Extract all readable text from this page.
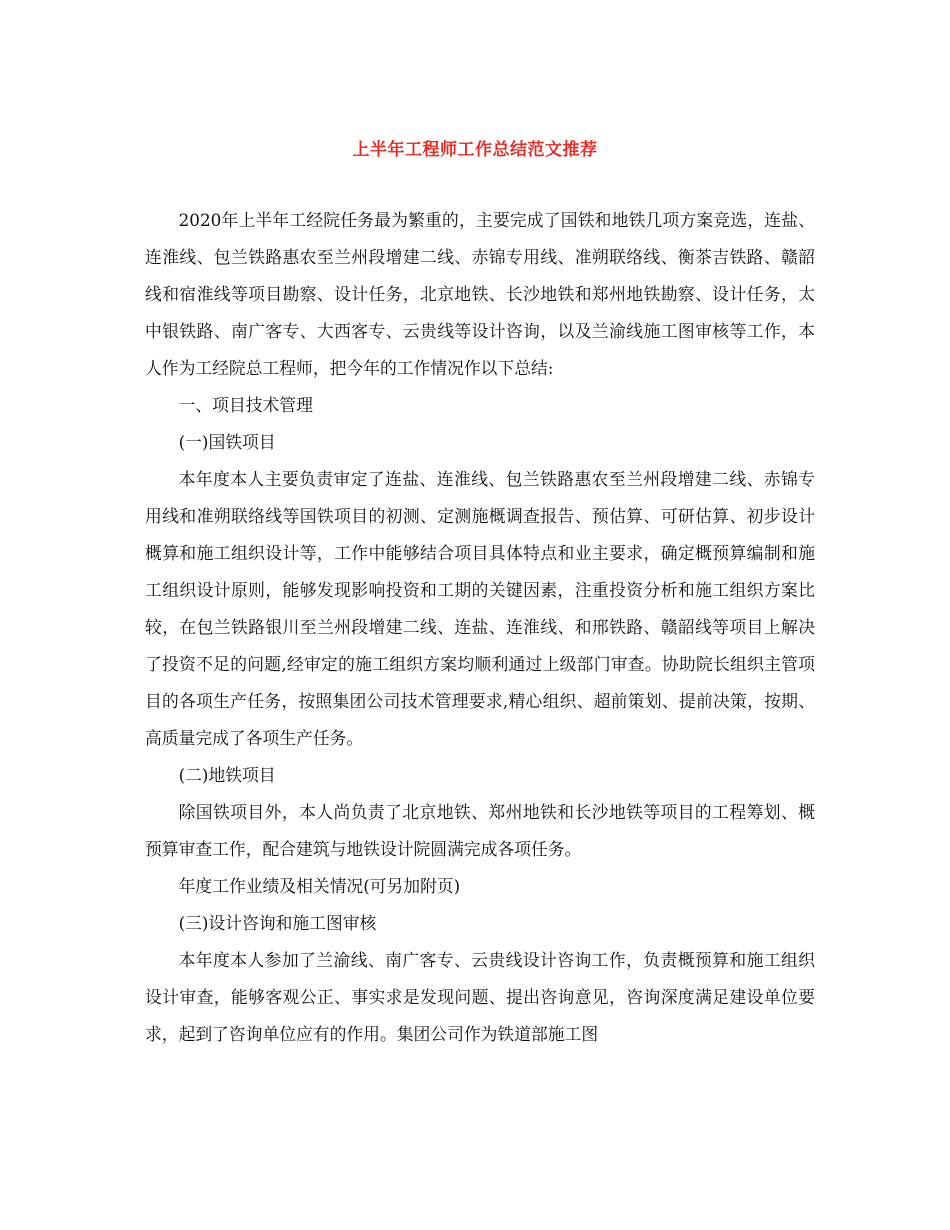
上半年工程师工作总结范文推荐

2020年上半年工经院任务最为繁重的，主要完成了国铁和地铁几项方案竞选，连盐、连淮线、包兰铁路惠农至兰州段增建二线、赤锦专用线、准朔联络线、衡茶吉铁路、赣韶线和宿淮线等项目勘察、设计任务，北京地铁、长沙地铁和郑州地铁勘察、设计任务，太中银铁路、南广客专、大西客专、云贵线等设计咨询，以及兰渝线施工图审核等工作，本人作为工经院总工程师，把今年的工作情况作以下总结:

一、项目技术管理

(一)国铁项目

本年度本人主要负责审定了连盐、连淮线、包兰铁路惠农至兰州段增建二线、赤锦专用线和准朔联络线等国铁项目的初测、定测施概调查报告、预估算、可研估算、初步设计概算和施工组织设计等，工作中能够结合项目具体特点和业主要求，确定概预算编制和施工组织设计原则，能够发现影响投资和工期的关键因素，注重投资分析和施工组织方案比较，在包兰铁路银川至兰州段增建二线、连盐、连淮线、和邢铁路、赣韶线等项目上解决了投资不足的问题,经审定的施工组织方案均顺利通过上级部门审查。协助院长组织主管项目的各项生产任务，按照集团公司技术管理要求,精心组织、超前策划、提前决策，按期、高质量完成了各项生产任务。

(二)地铁项目

除国铁项目外，本人尚负责了北京地铁、郑州地铁和长沙地铁等项目的工程筹划、概预算审查工作，配合建筑与地铁设计院圆满完成各项任务。

年度工作业绩及相关情况(可另加附页)

(三)设计咨询和施工图审核

本年度本人参加了兰渝线、南广客专、云贵线设计咨询工作，负责概预算和施工组织设计审查，能够客观公正、事实求是发现问题、提出咨询意见，咨询深度满足建设单位要求，起到了咨询单位应有的作用。集团公司作为铁道部施工图
